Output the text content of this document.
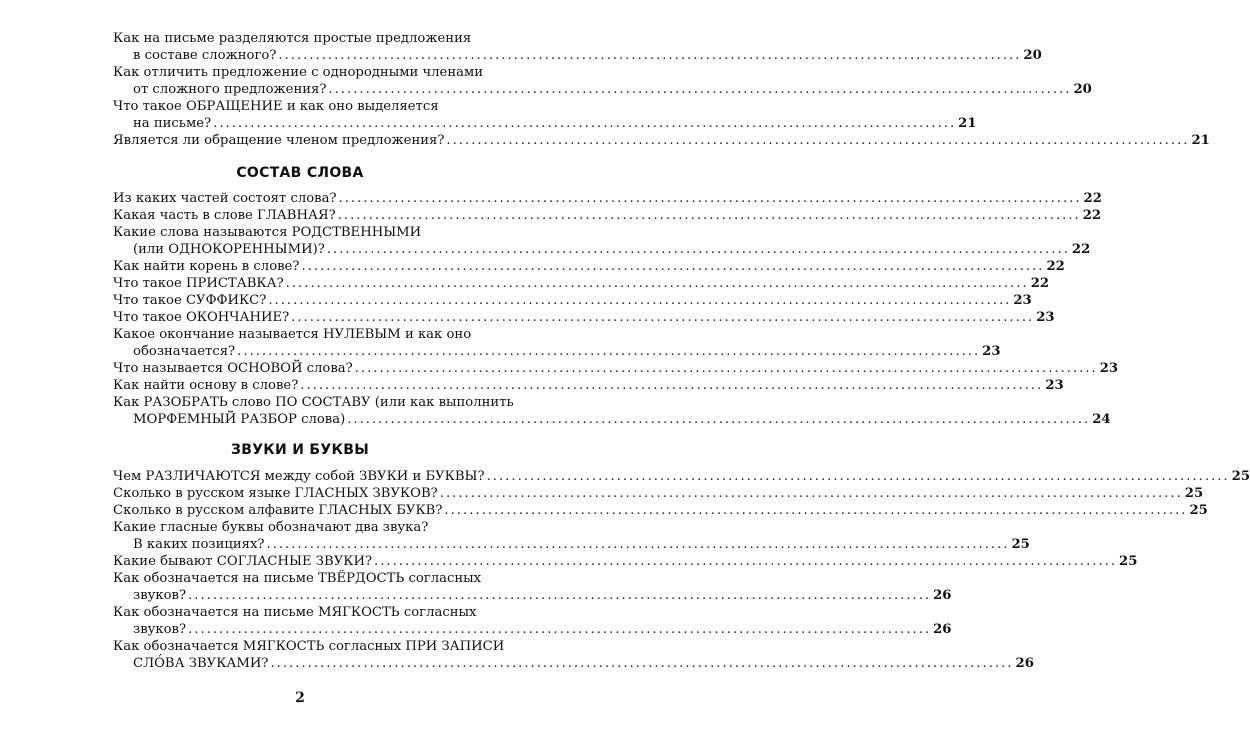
Как на письме разделяются простые предложения
в составе сложного? ........................................................................................................................ 20
Как отличить предложение с однородными членами
от сложного предложения? ........................................................................................................................ 20
Что такое ОБРАЩЕНИЕ и как оно выделяется
на письме? ........................................................................................................................ 21
Является ли обращение членом предложения? ........................................................................................................................ 21
СОСТАВ СЛОВА
Из каких частей состоят слова? ........................................................................................................................ 22
Какая часть в слове ГЛАВНАЯ? ........................................................................................................................ 22
Какие слова называются РОДСТВЕННЫМИ
(или ОДНОКОРЕННЫМИ)? ........................................................................................................................ 22
Как найти корень в слове? ........................................................................................................................ 22
Что такое ПРИСТАВКА? ........................................................................................................................ 22
Что такое СУФФИКС? ........................................................................................................................ 23
Что такое ОКОНЧАНИЕ? ........................................................................................................................ 23
Какое окончание называется НУЛЕВЫМ и как оно
обозначается? ........................................................................................................................ 23
Что называется ОСНОВОЙ слова? ........................................................................................................................ 23
Как найти основу в слове? ........................................................................................................................ 23
Как РАЗОБРАТЬ слово ПО СОСТАВУ (или как выполнить
МОРФЕМНЫЙ РАЗБОР слова) ........................................................................................................................ 24
ЗВУКИ И БУКВЫ
Чем РАЗЛИЧАЮТСЯ между собой ЗВУКИ и БУКВЫ? ........................................................................................................................ 25
Сколько в русском языке ГЛАСНЫХ ЗВУКОВ? ........................................................................................................................ 25
Сколько в русском алфавите ГЛАСНЫХ БУКВ? ........................................................................................................................ 25
Какие гласные буквы обозначают два звука?
В каких позициях? ........................................................................................................................ 25
Какие бывают СОГЛАСНЫЕ ЗВУКИ? ........................................................................................................................ 25
Как обозначается на письме ТВЁРДОСТЬ согласных
звуков? ........................................................................................................................ 26
Как обозначается на письме МЯГКОСТЬ согласных
звуков? ........................................................................................................................ 26
Как обозначается МЯГКОСТЬ согласных ПРИ ЗАПИСИ
СЛО́ВА ЗВУКАМИ? ........................................................................................................................ 26
2
